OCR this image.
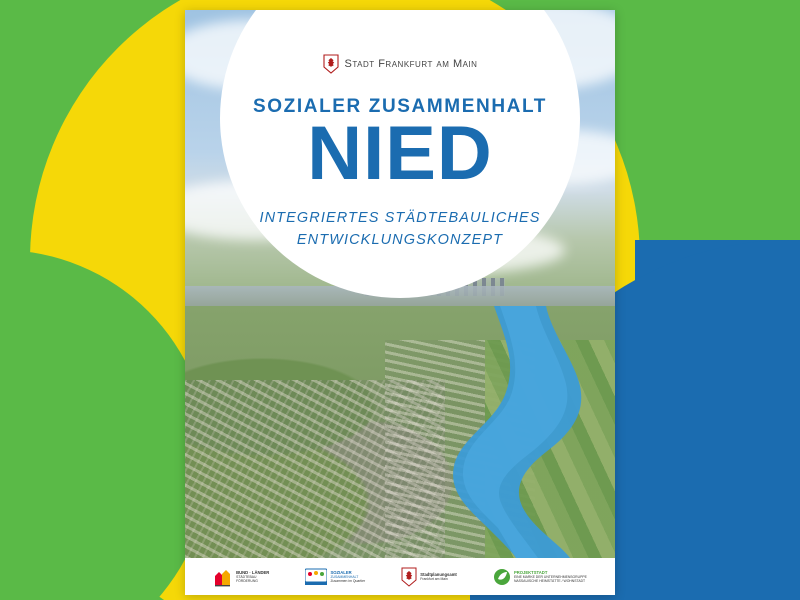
Stadt Frankfurt am Main
SOZIALER ZUSAMMENHALT
NIED
INTEGRIERTES STÄDTEBAULICHES
ENTWICKLUNGSKONZEPT
BUND · LÄNDER
STÄDTEBAU
FÖRDERUNG
SOZIALER
ZUSAMMENHALT
Zusammen im Quartier
Stadtplanungsamt
Frankfurt am Main
PROJEKTSTADT
EINE MARKE DER UNTERNEHMENSGRUPPE
NASSAUISCHE HEIMSTÄTTE / WOHNSTADT
